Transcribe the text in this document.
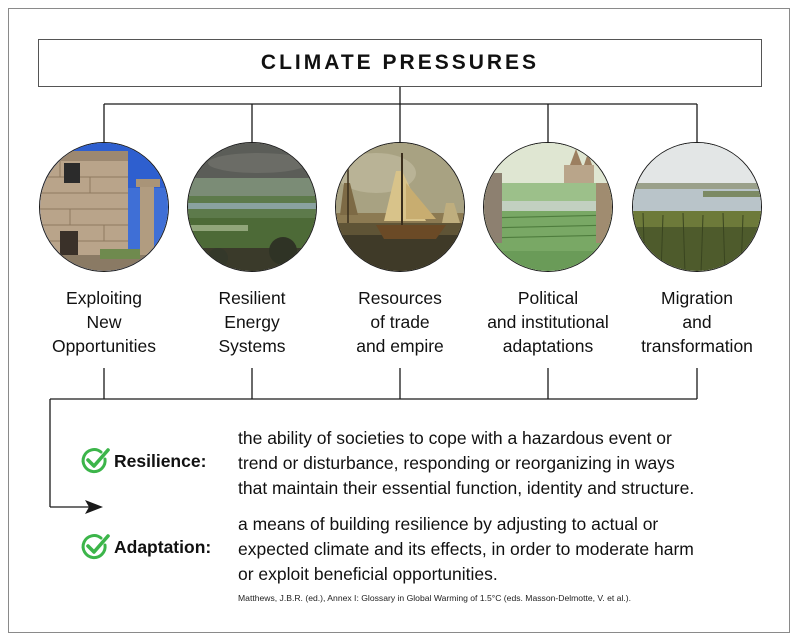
CLIMATE PRESSURES
Exploiting
New
Opportunities
Resilient
Energy
Systems
Resources
of trade
and empire
Political
and institutional
adaptations
Migration
and
transformation
Resilience:
the ability of societies to cope with a hazardous event or
trend or disturbance, responding or reorganizing in ways
that maintain their essential function, identity and structure.
Adaptation:
a means of building resilience by adjusting to actual or
expected climate and its effects, in order to moderate harm
or exploit beneficial opportunities.
Matthews, J.B.R. (ed.), Annex I: Glossary in Global Warming of 1.5°C (eds. Masson-Delmotte, V. et al.).
